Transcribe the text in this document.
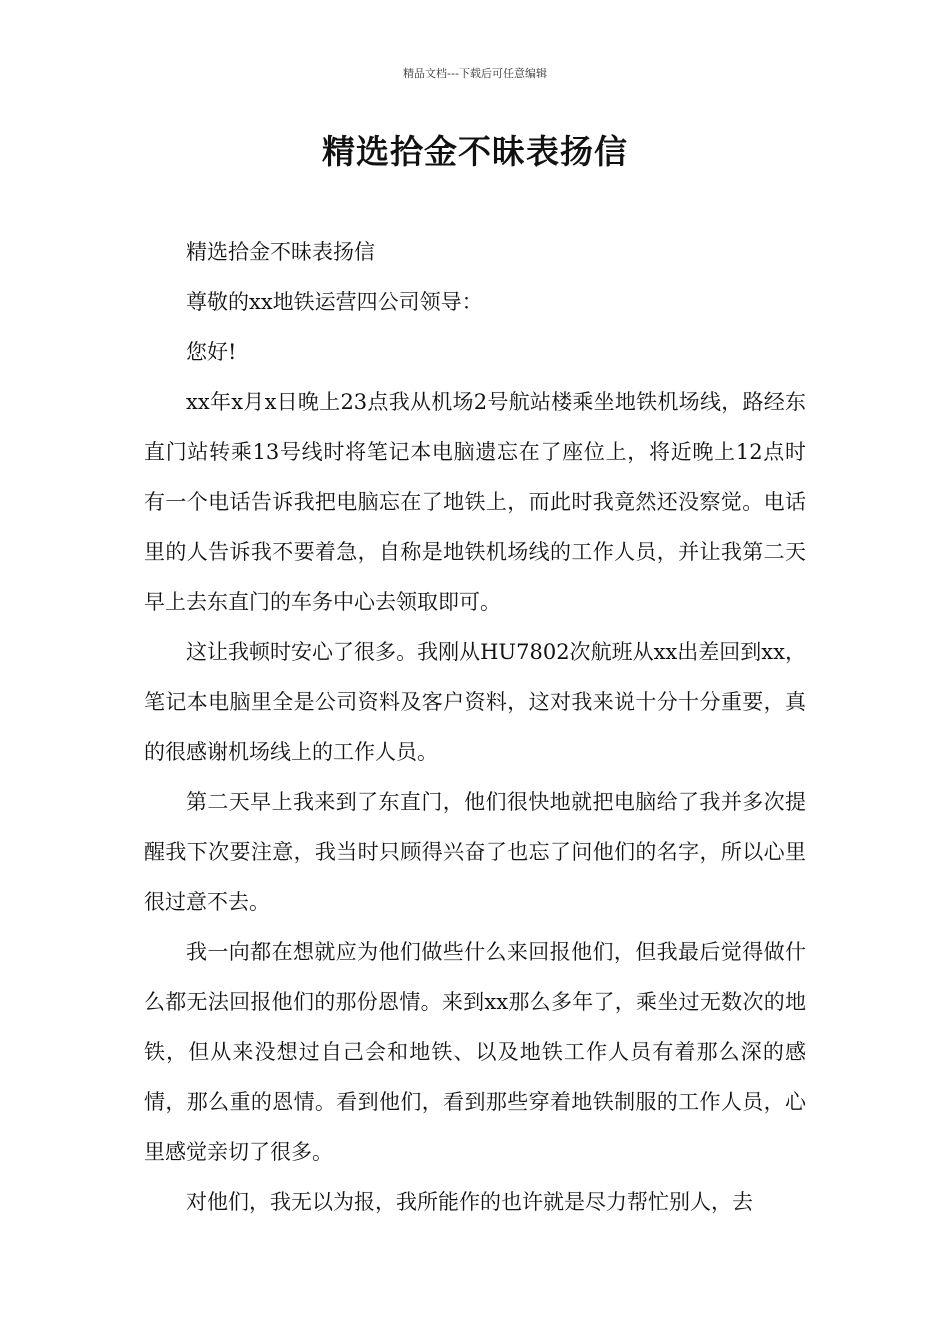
精品文档---下载后可任意编辑
精选拾金不昧表扬信

精选拾金不昧表扬信

尊敬的xx地铁运营四公司领导：

您好!

xx年x月x日晚上23点我从机场2号航站楼乘坐地铁机场线，路经东直门站转乘13号线时将笔记本电脑遗忘在了座位上，将近晚上12点时有一个电话告诉我把电脑忘在了地铁上，而此时我竟然还没察觉。电话里的人告诉我不要着急，自称是地铁机场线的工作人员，并让我第二天早上去东直门的车务中心去领取即可。

这让我顿时安心了很多。我刚从HU7802次航班从xx出差回到xx，笔记本电脑里全是公司资料及客户资料，这对我来说十分十分重要，真的很感谢机场线上的工作人员。

第二天早上我来到了东直门，他们很快地就把电脑给了我并多次提醒我下次要注意，我当时只顾得兴奋了也忘了问他们的名字，所以心里很过意不去。

我一向都在想就应为他们做些什么来回报他们，但我最后觉得做什么都无法回报他们的那份恩情。来到xx那么多年了，乘坐过无数次的地铁，但从来没想过自己会和地铁、以及地铁工作人员有着那么深的感情，那么重的恩情。看到他们，看到那些穿着地铁制服的工作人员，心里感觉亲切了很多。

对他们，我无以为报，我所能作的也许就是尽力帮忙别人，去
